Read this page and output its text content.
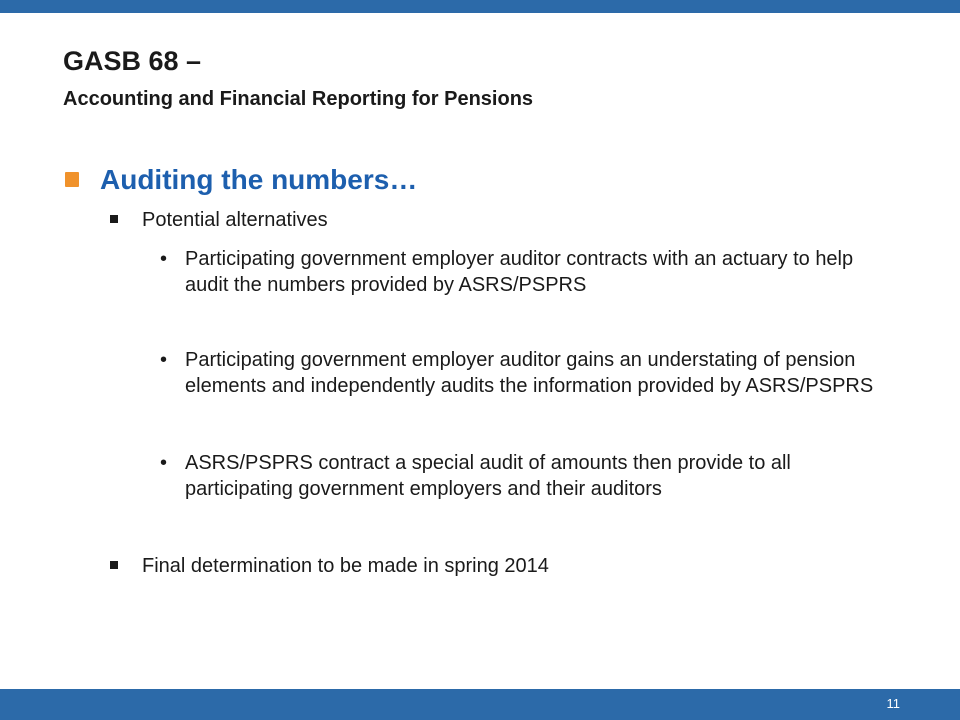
GASB 68 –
Accounting and Financial Reporting for Pensions
Auditing the numbers…
Potential alternatives
• Participating government employer auditor contracts with an actuary to help audit the numbers provided by ASRS/PSPRS
• Participating government employer auditor gains an understating of pension elements and independently audits the information provided by ASRS/PSPRS
• ASRS/PSPRS contract a special audit of amounts then provide to all participating government employers and their auditors
Final determination to be made in spring 2014
11
